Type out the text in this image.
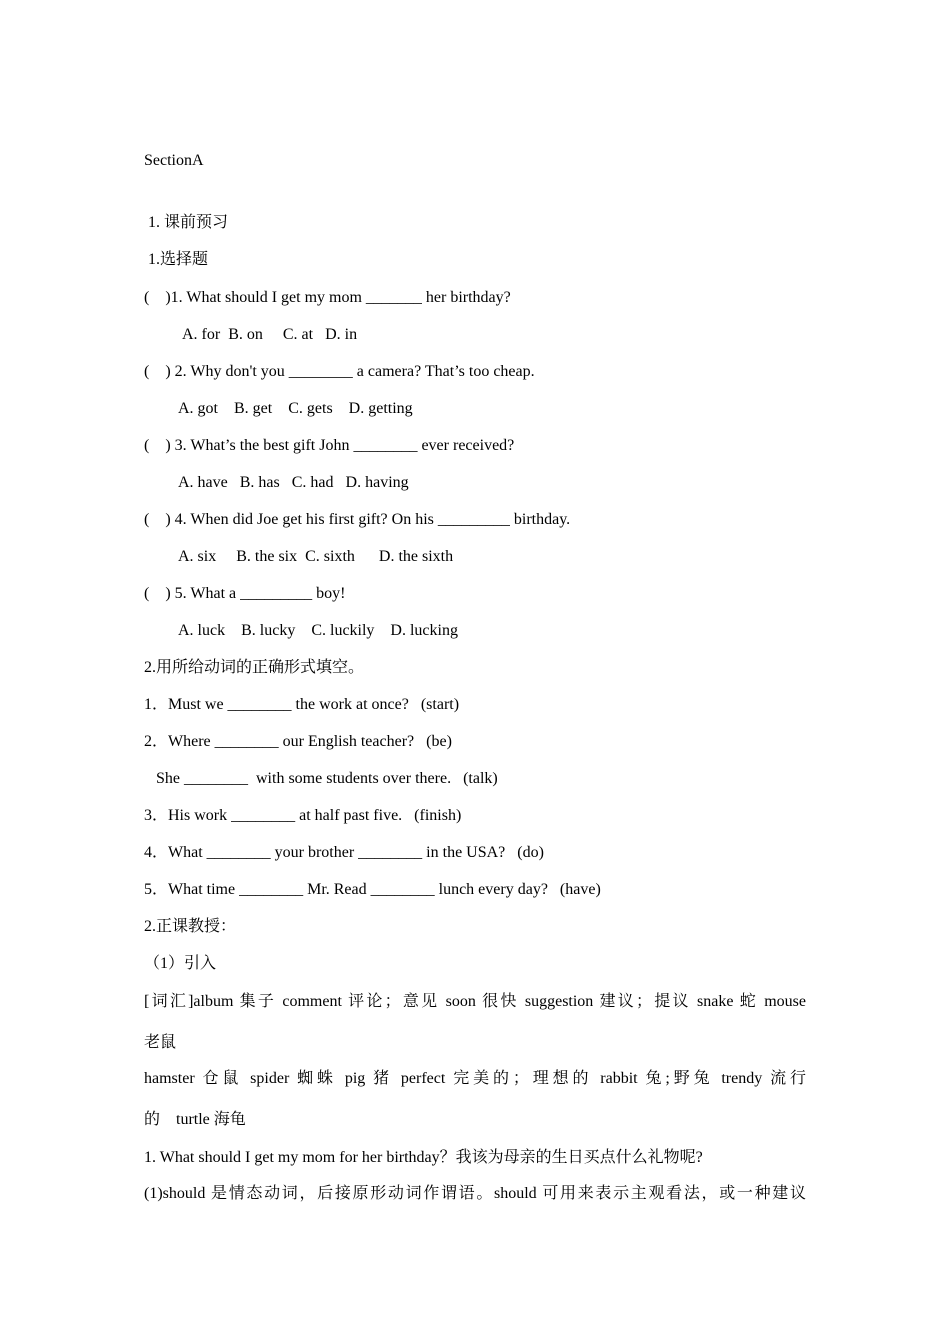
SectionA
1. 课前预习
1.选择题
(    )1. What should I get my mom _______ her birthday?
A. for  B. on     C. at   D. in
(    ) 2. Why don't you ________ a camera? That’s too cheap.
A. got    B. get    C. gets    D. getting
(    ) 3. What’s the best gift John ________ ever received?
A. have   B. has   C. had   D. having
(    ) 4. When did Joe get his first gift? On his _________ birthday.
A. six     B. the six  C. sixth      D. the sixth
(    ) 5. What a _________ boy!
A. luck    B. lucky    C. luckily    D. lucking
2.用所给动词的正确形式填空。
1．Must we ________ the work at once?   (start)
2．Where ________ our English teacher?   (be)
She ________  with some students over there.   (talk)
3．His work ________ at half past five.   (finish)
4．What ________ your brother ________ in the USA?   (do)
5．What time ________ Mr. Read ________ lunch every day?   (have)
2.正课教授：
（1）引入
[词汇]album 集子 comment 评论；意见 soon 很快 suggestion 建议；提议 snake 蛇 mouse
老鼠
hamster 仓鼠 spider 蜘蛛 pig 猪 perfect 完美的；理想的 rabbit 兔;野兔 trendy 流行
的    turtle 海龟
1. What should I get my mom for her birthday？我该为母亲的生日买点什么礼物呢?
(1)should 是情态动词，后接原形动词作谓语。should 可用来表示主观看法，或一种建议
